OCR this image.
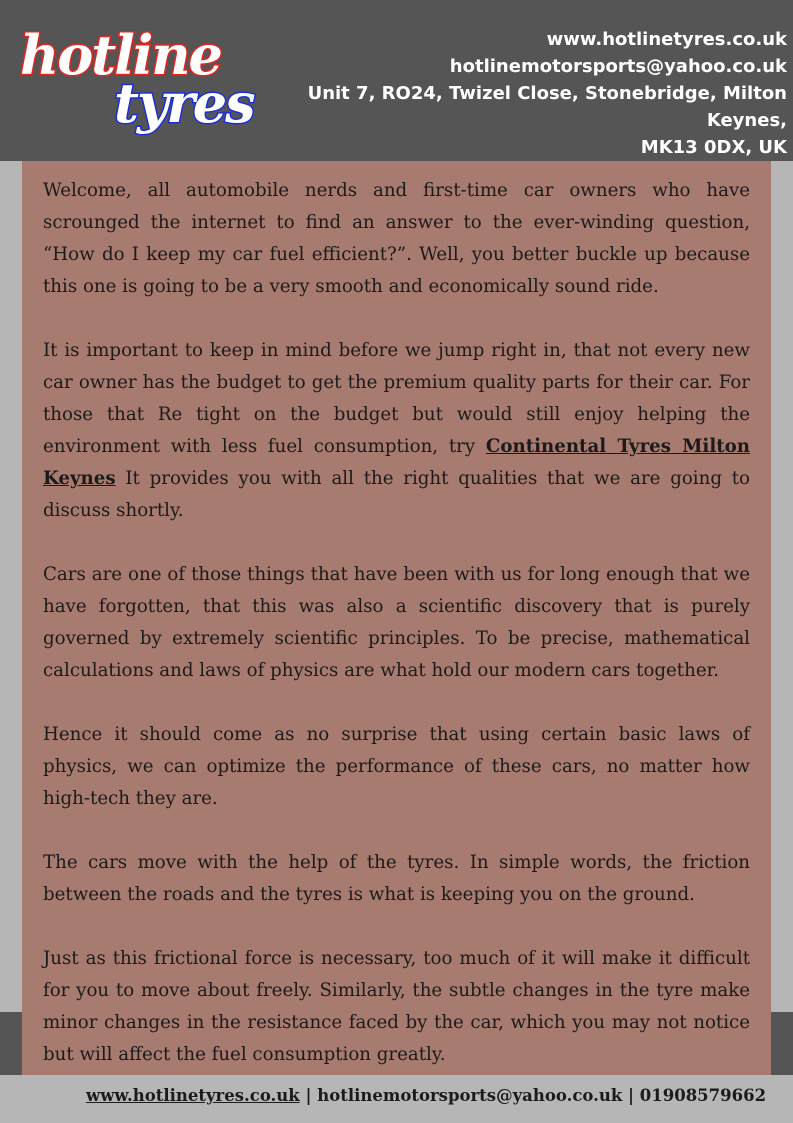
hotline
tyres
www.hotlinetyres.co.uk
hotlinemotorsports@yahoo.co.uk
Unit 7, RO24, Twizel Close, Stonebridge, Milton Keynes,
MK13 0DX, UK

Welcome, all automobile nerds and first-time car owners who have scrounged the internet to find an answer to the ever-winding question, “How do I keep my car fuel efficient?”. Well, you better buckle up because this one is going to be a very smooth and economically sound ride.

It is important to keep in mind before we jump right in, that not every new car owner has the budget to get the premium quality parts for their car. For those that Re tight on the budget but would still enjoy helping the environment with less fuel consumption, try Continental Tyres Milton Keynes It provides you with all the right qualities that we are going to discuss shortly.

Cars are one of those things that have been with us for long enough that we have forgotten, that this was also a scientific discovery that is purely governed by extremely scientific principles. To be precise, mathematical calculations and laws of physics are what hold our modern cars together.

Hence it should come as no surprise that using certain basic laws of physics, we can optimize the performance of these cars, no matter how high-tech they are.

The cars move with the help of the tyres. In simple words, the friction between the roads and the tyres is what is keeping you on the ground.

Just as this frictional force is necessary, too much of it will make it difficult for you to move about freely. Similarly, the subtle changes in the tyre make minor changes in the resistance faced by the car, which you may not notice but will affect the fuel consumption greatly.

www.hotlinetyres.co.uk | hotlinemotorsports@yahoo.co.uk | 01908579662
